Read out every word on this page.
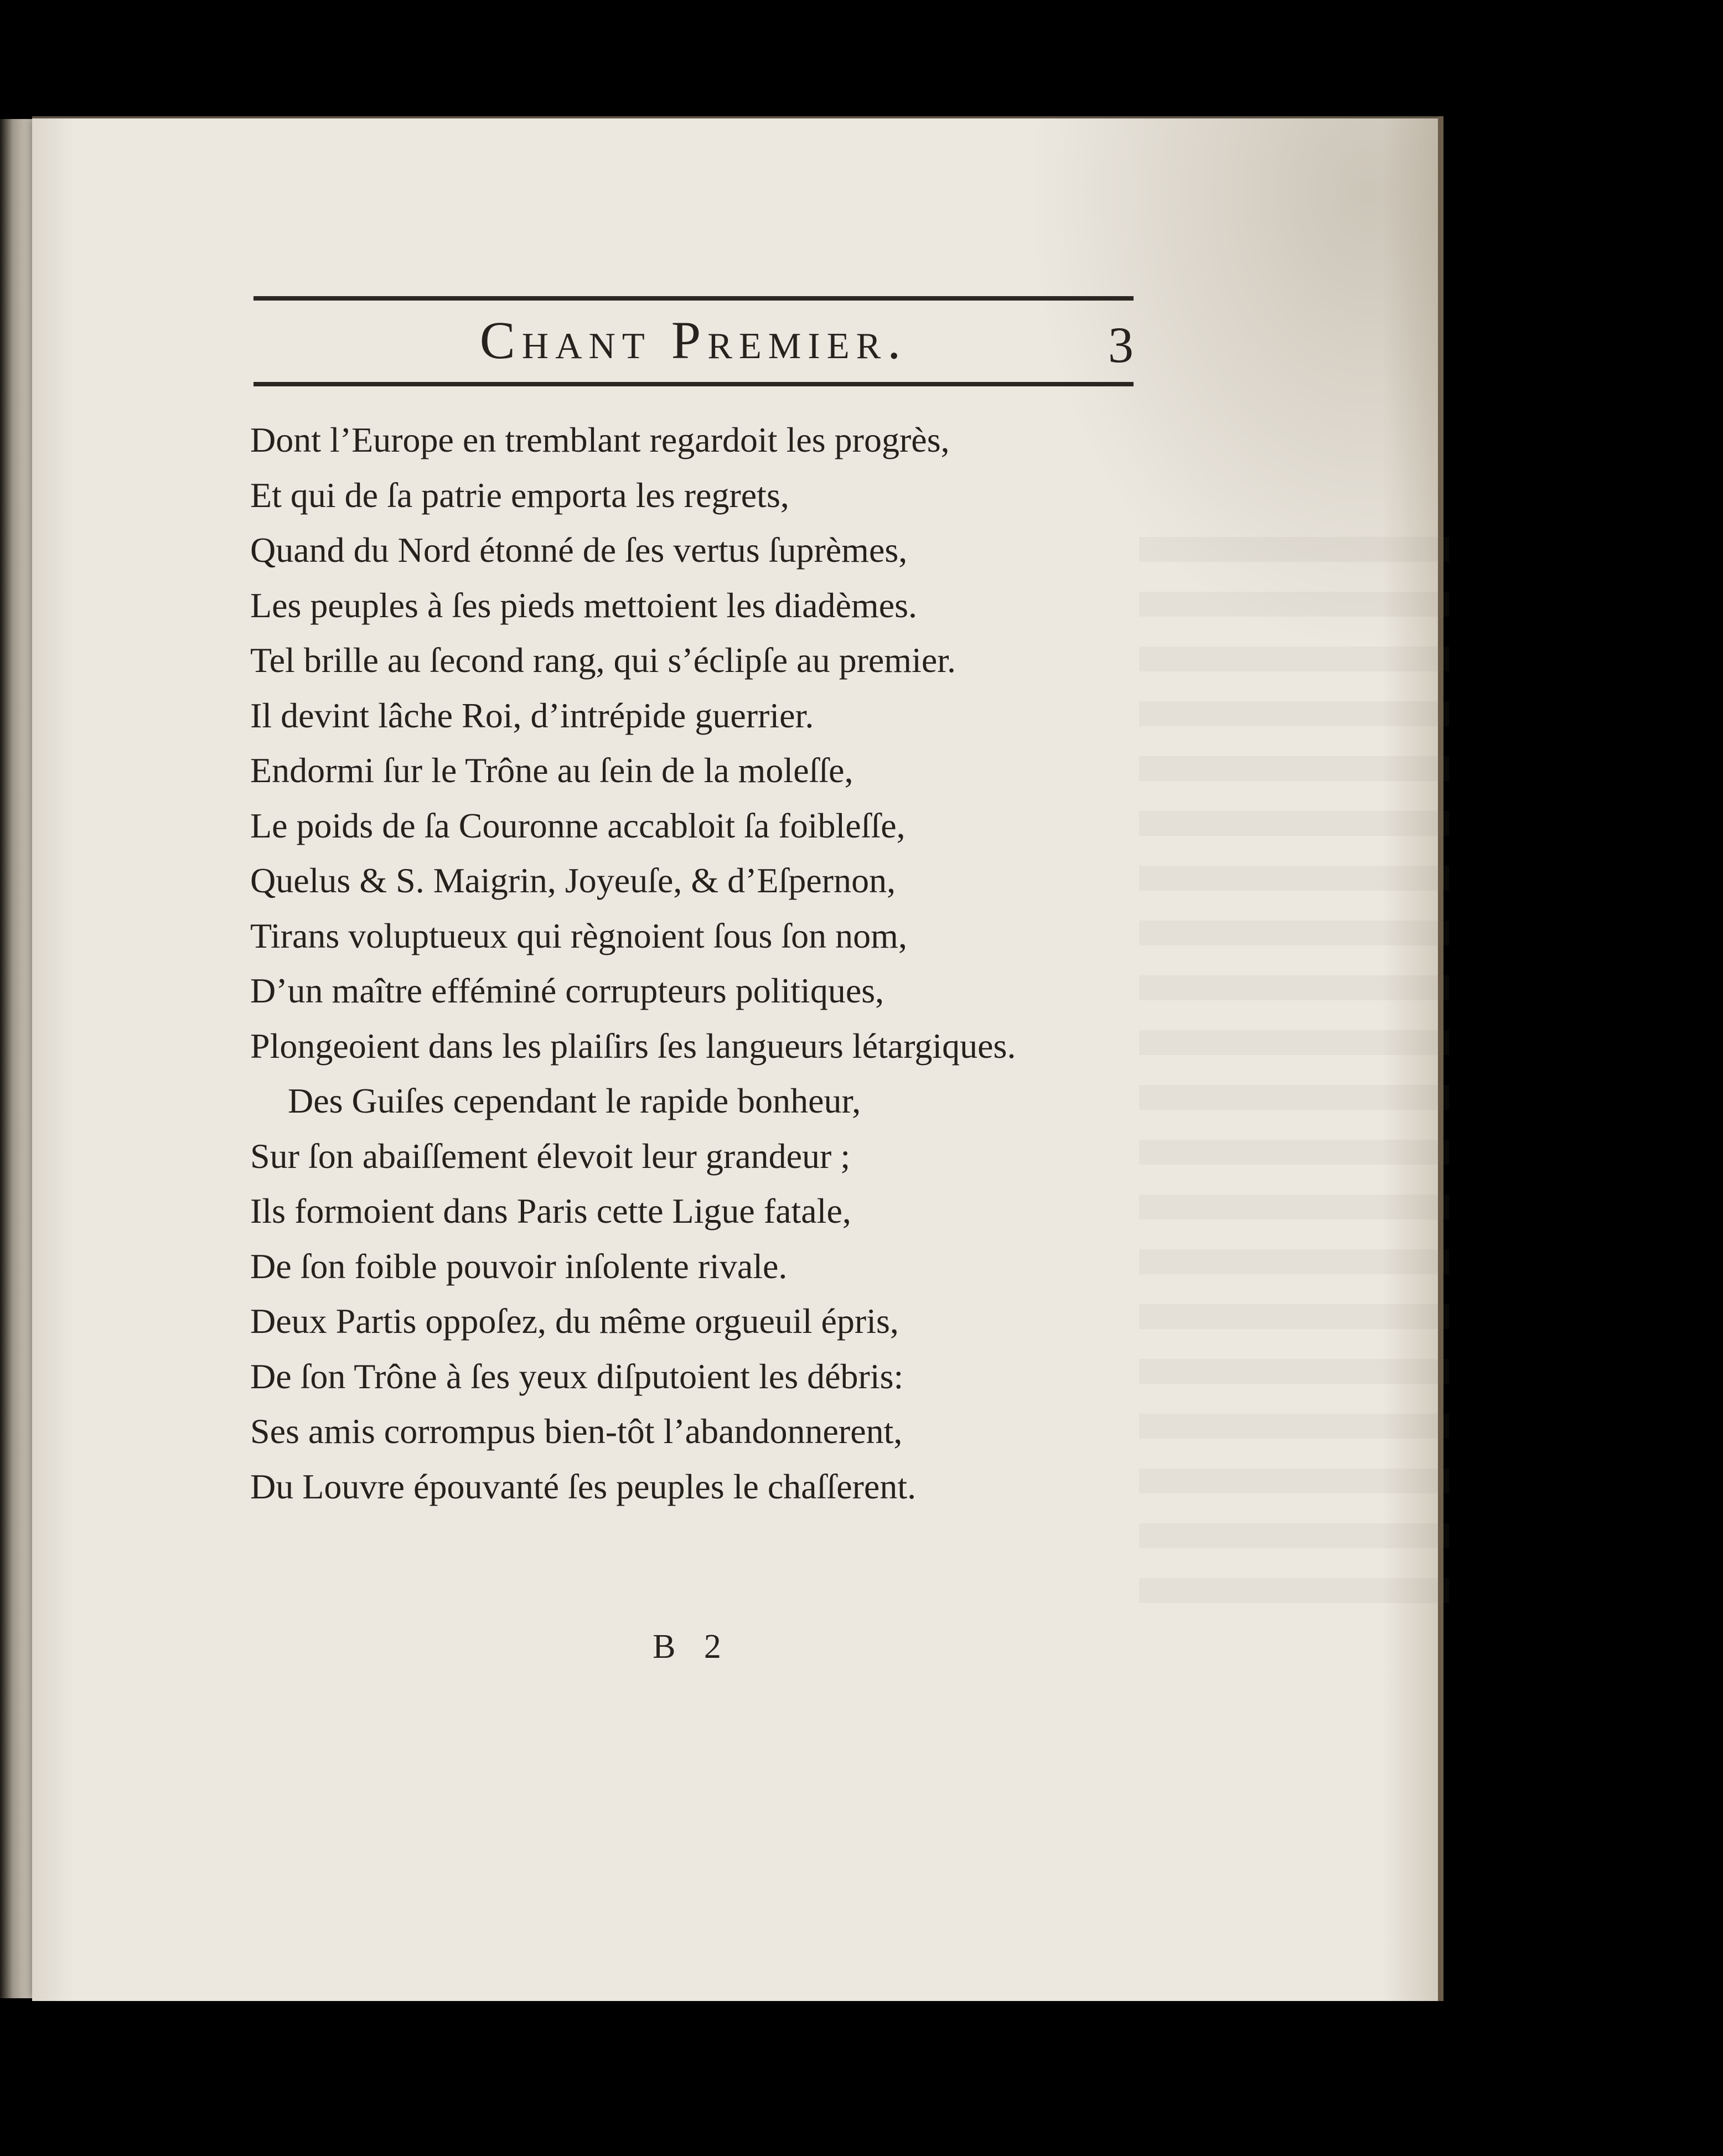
Chant Premier.	3
Dont l’Europe en tremblant regardoit les progrès,
Et qui de ſa patrie emporta les regrets,
Quand du Nord étonné de ſes vertus ſuprèmes,
Les peuples à ſes pieds mettoient les diadèmes.
Tel brille au ſecond rang, qui s’éclipſe au premier.
Il devint lâche Roi, d’intrépide guerrier.
Endormi ſur le Trône au ſein de la moleſſe,
Le poids de ſa Couronne accabloit ſa foibleſſe,
Quelus & S. Maigrin, Joyeuſe, & d’Eſpernon,
Tirans voluptueux qui règnoient ſous ſon nom,
D’un maître efféminé corrupteurs politiques,
Plongeoient dans les plaiſirs ſes langueurs létargiques.
Des Guiſes cependant le rapide bonheur,
Sur ſon abaiſſement élevoit leur grandeur ;
Ils formoient dans Paris cette Ligue fatale,
De ſon foible pouvoir inſolente rivale.
Deux Partis oppoſez, du même orgueuil épris,
De ſon Trône à ſes yeux diſputoient les débris:
Ses amis corrompus bien-tôt l’abandonnerent,
Du Louvre épouvanté ſes peuples le chaſſerent.
B 2
